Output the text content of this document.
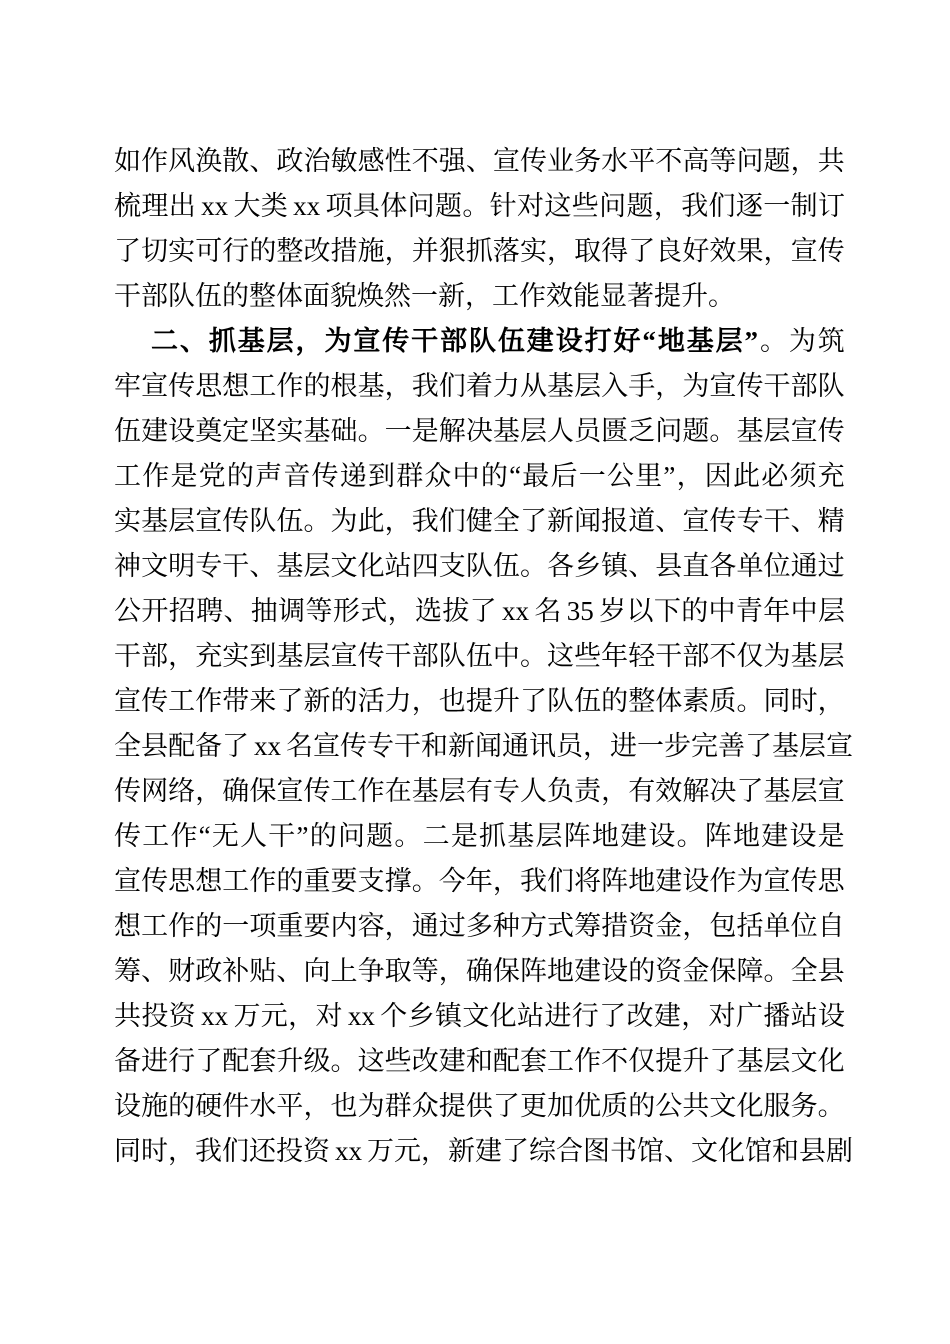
如 作 风 涣 散 、 政 治 敏 感 性 不 强 、 宣 传 业 务 水 平 不 高 等 问 题 ， 共
梳 理 出 xx 大 类 xx 项 具 体 问 题 。 针 对 这 些 问 题 ， 我 们 逐 一 制 订
了 切 实 可 行 的 整 改 措 施 ， 并 狠 抓 落 实 ， 取 得 了 良 好 效 果 ， 宣 传
干 部 队 伍 的 整 体 面 貌 焕 然 一 新 ， 工 作 效 能 显 著 提 升 。
二 、 抓 基 层 ， 为 宣 传 干 部 队 伍 建 设 打 好 “ 地 基 层 ” 。 为 筑
牢 宣 传 思 想 工 作 的 根 基 ， 我 们 着 力 从 基 层 入 手 ， 为 宣 传 干 部 队
伍 建 设 奠 定 坚 实 基 础 。 一 是 解 决 基 层 人 员 匮 乏 问 题 。 基 层 宣 传
工 作 是 党 的 声 音 传 递 到 群 众 中 的 “ 最 后 一 公 里 ” ， 因 此 必 须 充
实 基 层 宣 传 队 伍 。 为 此 ， 我 们 健 全 了 新 闻 报 道 、 宣 传 专 干 、 精
神 文 明 专 干 、 基 层 文 化 站 四 支 队 伍 。 各 乡 镇 、 县 直 各 单 位 通 过
公 开 招 聘 、 抽 调 等 形 式 ， 选 拔 了 xx 名 35 岁 以 下 的 中 青 年 中 层
干 部 ， 充 实 到 基 层 宣 传 干 部 队 伍 中 。 这 些 年 轻 干 部 不 仅 为 基 层
宣 传 工 作 带 来 了 新 的 活 力 ， 也 提 升 了 队 伍 的 整 体 素 质 。 同 时 ，
全 县 配 备 了 xx 名 宣 传 专 干 和 新 闻 通 讯 员 ， 进 一 步 完 善 了 基 层 宣
传 网 络 ， 确 保 宣 传 工 作 在 基 层 有 专 人 负 责 ， 有 效 解 决 了 基 层 宣
传 工 作 “ 无 人 干 ” 的 问 题 。 二 是 抓 基 层 阵 地 建 设 。 阵 地 建 设 是
宣 传 思 想 工 作 的 重 要 支 撑 。 今 年 ， 我 们 将 阵 地 建 设 作 为 宣 传 思
想 工 作 的 一 项 重 要 内 容 ， 通 过 多 种 方 式 筹 措 资 金 ， 包 括 单 位 自
筹 、 财 政 补 贴 、 向 上 争 取 等 ， 确 保 阵 地 建 设 的 资 金 保 障 。 全 县
共 投 资 xx 万 元 ， 对 xx 个 乡 镇 文 化 站 进 行 了 改 建 ， 对 广 播 站 设
备 进 行 了 配 套 升 级 。 这 些 改 建 和 配 套 工 作 不 仅 提 升 了 基 层 文 化
设 施 的 硬 件 水 平 ， 也 为 群 众 提 供 了 更 加 优 质 的 公 共 文 化 服 务 。
同 时 ， 我 们 还 投 资 xx 万 元 ， 新 建 了 综 合 图 书 馆 、 文 化 馆 和 县 剧
